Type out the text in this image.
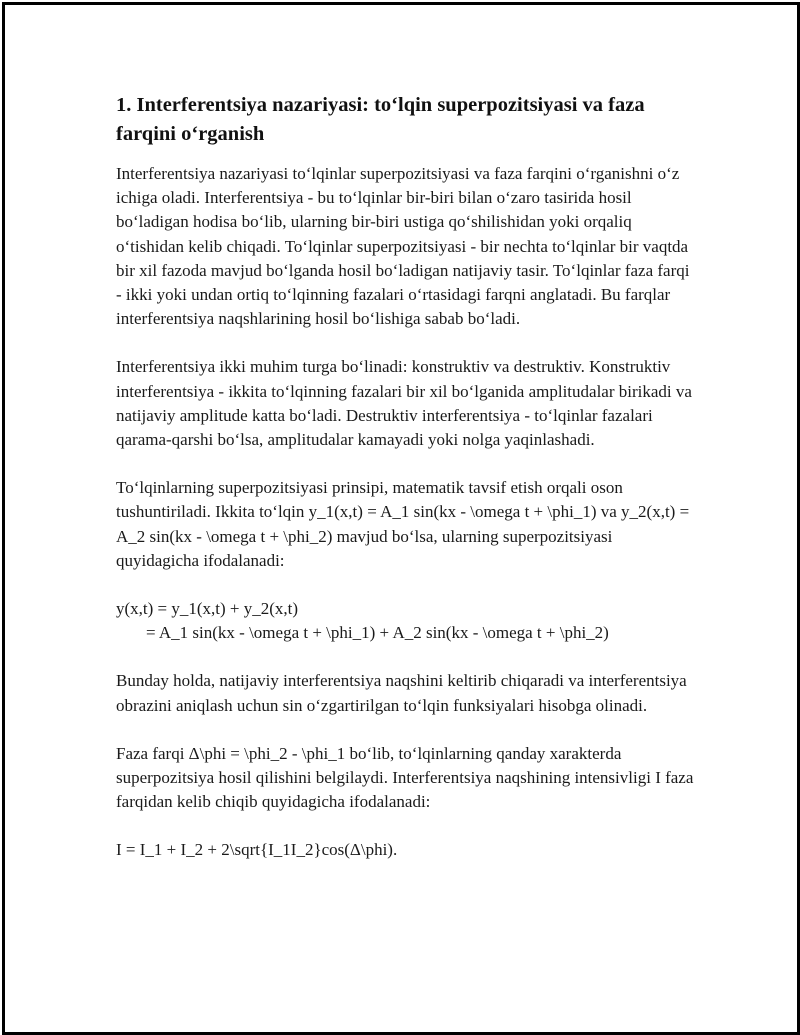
1. Interferentsiya nazariyasi: toʻlqin superpozitsiyasi va faza farqini oʻrganish

Interferentsiya nazariyasi toʻlqinlar superpozitsiyasi va faza farqini oʻrganishni oʻz ichiga oladi. Interferentsiya - bu toʻlqinlar bir-biri bilan oʻzaro tasirida hosil boʻladigan hodisa boʻlib, ularning bir-biri ustiga qoʻshilishidan yoki orqaliq oʻtishidan kelib chiqadi. Toʻlqinlar superpozitsiyasi - bir nechta toʻlqinlar bir vaqtda bir xil fazoda mavjud boʻlganda hosil boʻladigan natijaviy tasir. Toʻlqinlar faza farqi - ikki yoki undan ortiq toʻlqinning fazalari oʻrtasidagi farqni anglatadi. Bu farqlar interferentsiya naqshlarining hosil boʻlishiga sabab boʻladi.

Interferentsiya ikki muhim turga boʻlinadi: konstruktiv va destruktiv. Konstruktiv interferentsiya - ikkita toʻlqinning fazalari bir xil boʻlganida amplitudalar birikadi va natijaviy amplitude katta boʻladi. Destruktiv interferentsiya - toʻlqinlar fazalari qarama-qarshi boʻlsa, amplitudalar kamayadi yoki nolga yaqinlashadi.

Toʻlqinlarning superpozitsiyasi prinsipi, matematik tavsif etish orqali oson tushuntiriladi. Ikkita toʻlqin y_1(x,t) = A_1 sin(kx - \omega t + \phi_1) va y_2(x,t) = A_2 sin(kx - \omega t + \phi_2) mavjud boʻlsa, ularning superpozitsiyasi quyidagicha ifodalanadi:

y(x,t) = y_1(x,t) + y_2(x,t)
= A_1 sin(kx - \omega t + \phi_1) + A_2 sin(kx - \omega t + \phi_2)

Bunday holda, natijaviy interferentsiya naqshini keltirib chiqaradi va interferentsiya obrazini aniqlash uchun sin oʻzgartirilgan toʻlqin funksiyalari hisobga olinadi.

Faza farqi Δ\phi = \phi_2 - \phi_1 boʻlib, toʻlqinlarning qanday xarakterda superpozitsiya hosil qilishini belgilaydi. Interferentsiya naqshining intensivligi I faza farqidan kelib chiqib quyidagicha ifodalanadi:

I = I_1 + I_2 + 2\sqrt{I_1I_2}cos(Δ\phi).
